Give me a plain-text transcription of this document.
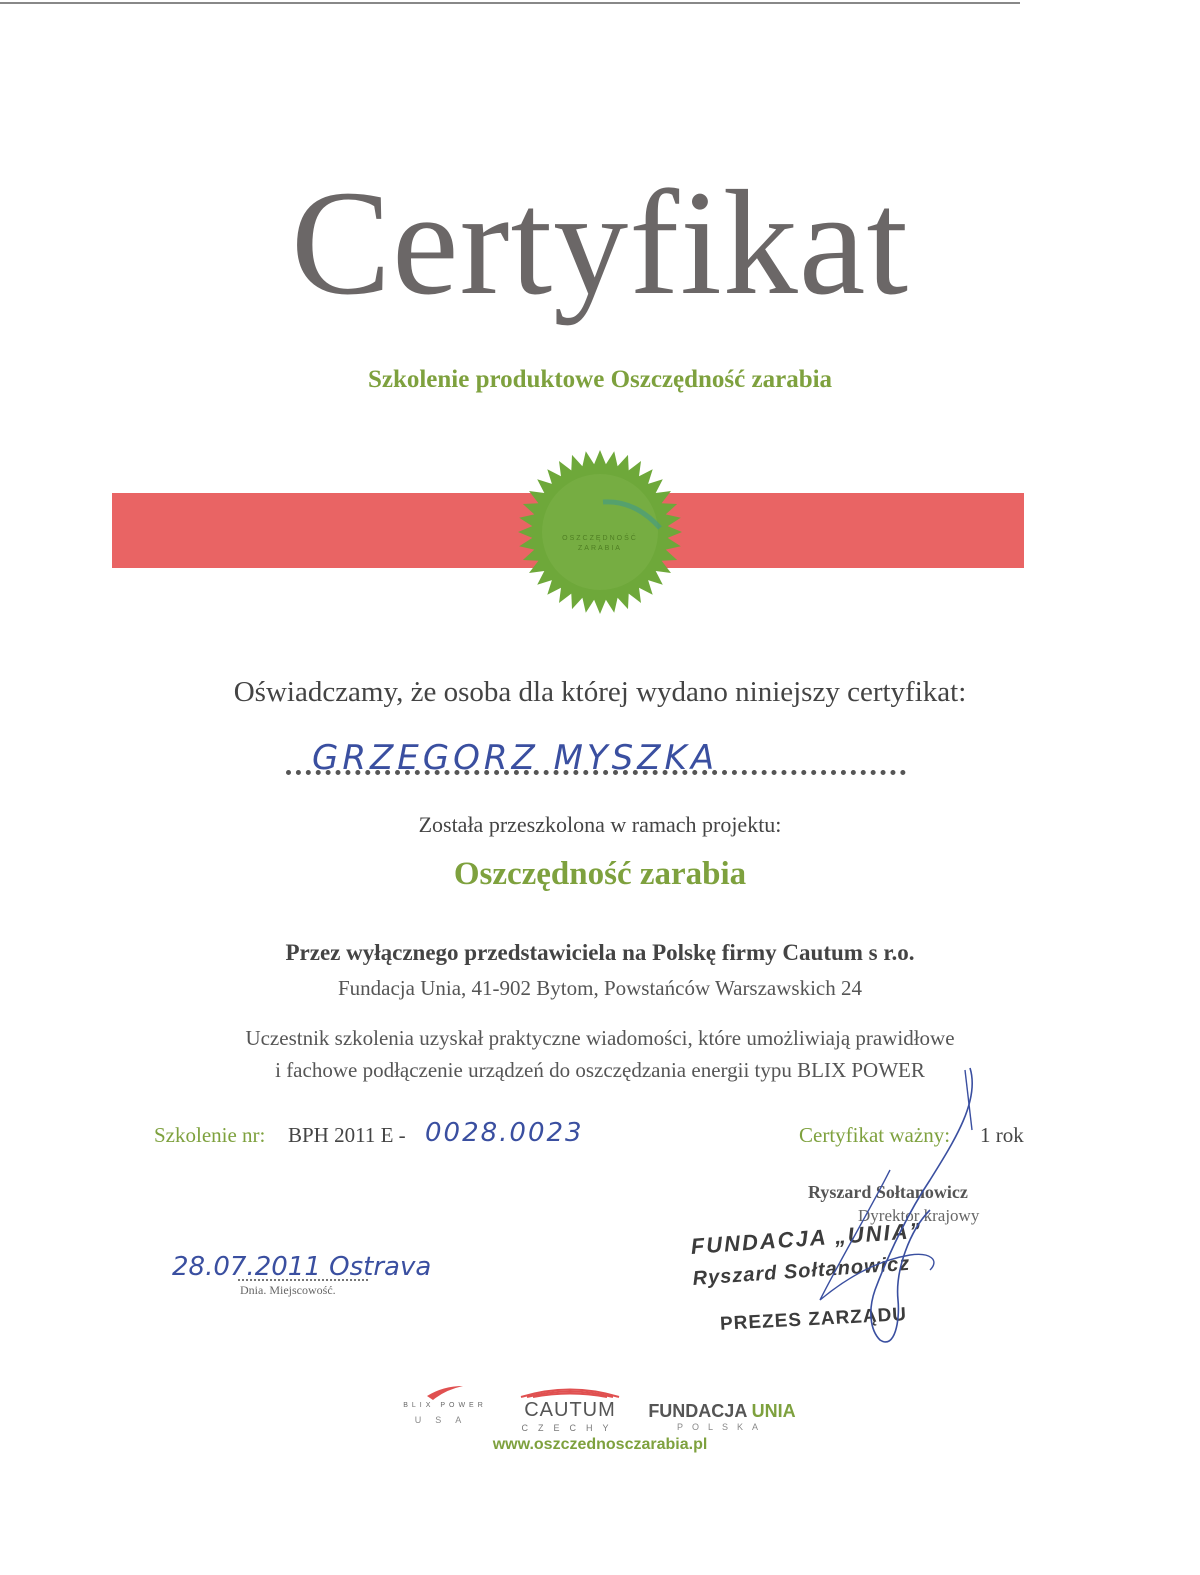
Certyfikat
Szkolenie produktowe Oszczędność zarabia
OSZCZĘDNOŚĆ
ZARABIA
Oświadczamy, że osoba dla której wydano niniejszy certyfikat:
GRZEGORZ MYSZKA
Została przeszkolona w ramach projektu:
Oszczędność zarabia
Przez wyłącznego przedstawiciela na Polskę firmy Cautum s r.o.
Fundacja Unia, 41-902 Bytom, Powstańców Warszawskich 24
Uczestnik szkolenia uzyskał praktyczne wiadomości, które umożliwiają prawidłowe
i fachowe podłączenie urządzeń do oszczędzania energii typu BLIX POWER
Szkolenie nr: BPH 2011 E - 0028.0023	Certyfikat ważny: 1 rok
Ryszard Sołtanowicz
Dyrektor krajowy
FUNDACJA „UNIA”
Ryszard Sołtanowicz
PREZES ZARZĄDU
28.07.2011 Ostrava
Dnia. Miejscowość.
BLIX POWER
USA	CAUTUM
CZECHY
FUNDACJA UNIA
POLSKA
www.oszczednosczarabia.pl
